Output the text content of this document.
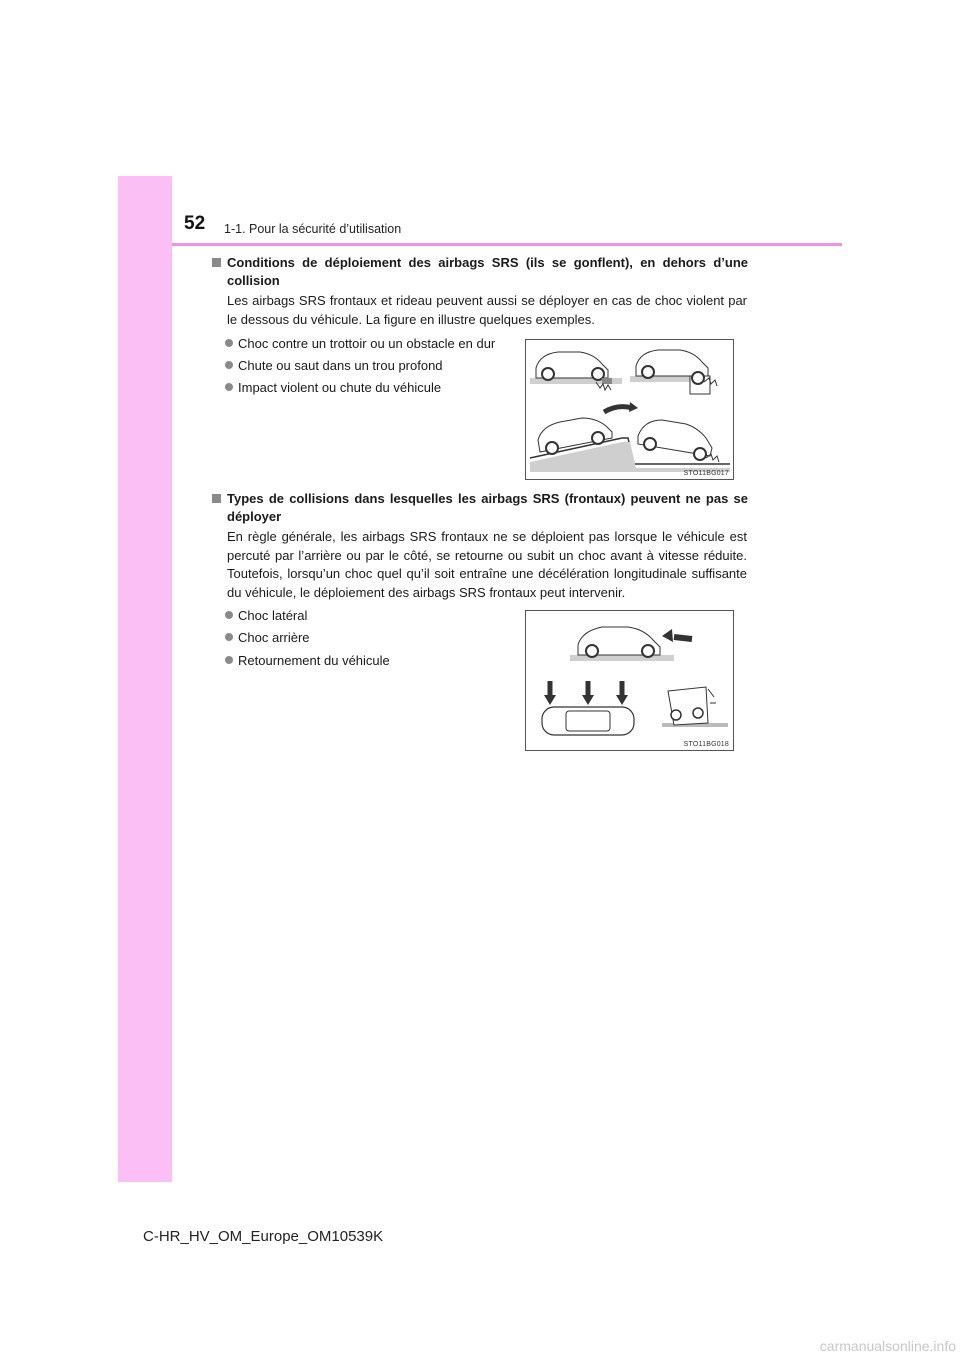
52 1-1. Pour la sécurité d’utilisation
Conditions de déploiement des airbags SRS (ils se gonflent), en dehors d’une collision
Les airbags SRS frontaux et rideau peuvent aussi se déployer en cas de choc violent par le dessous du véhicule. La figure en illustre quelques exemples.
Choc contre un trottoir ou un obstacle en dur
Chute ou saut dans un trou profond
Impact violent ou chute du véhicule
STO11BG017
Types de collisions dans lesquelles les airbags SRS (frontaux) peuvent ne pas se déployer
En règle générale, les airbags SRS frontaux ne se déploient pas lorsque le véhicule est percuté par l’arrière ou par le côté, se retourne ou subit un choc avant à vitesse réduite. Toutefois, lorsqu’un choc quel qu’il soit entraîne une décélération longitudinale suffisante du véhicule, le déploiement des airbags SRS frontaux peut intervenir.
Choc latéral
Choc arrière
Retournement du véhicule
STO11BG018
C-HR_HV_OM_Europe_OM10539K
carmanualsonline.info
